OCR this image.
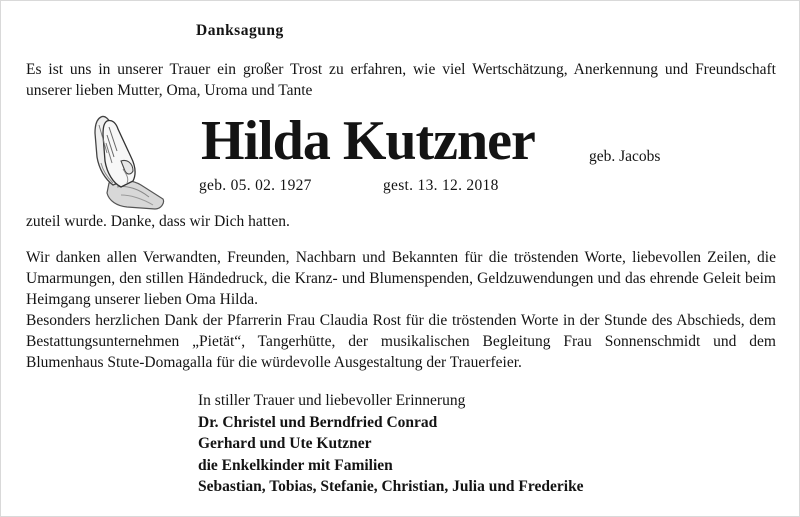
Danksagung
Es ist uns in unserer Trauer ein großer Trost zu erfahren, wie viel Wertschätzung, Anerkennung und Freundschaft unserer lieben Mutter, Oma, Uroma und Tante
Hilda Kutzner	geb. Jacobs
geb. 05. 02. 1927	gest. 13. 12. 2018
zuteil wurde. Danke, dass wir Dich hatten.

Wir danken allen Verwandten, Freunden, Nachbarn und Bekannten für die tröstenden Worte, liebevollen Zeilen, die Umarmungen, den stillen Händedruck, die Kranz- und Blumenspenden, Geldzuwendungen und das ehrende Geleit beim Heimgang unserer lieben Oma Hilda.

Besonders herzlichen Dank der Pfarrerin Frau Claudia Rost für die tröstenden Worte in der Stunde des Abschieds, dem Bestattungsunternehmen „Pietät“, Tangerhütte, der musikalischen Begleitung Frau Sonnenschmidt und dem Blumenhaus Stute-Domagalla für die würdevolle Ausgestaltung der Trauerfeier.

In stiller Trauer und liebevoller Erinnerung
Dr. Christel und Berndfried Conrad
Gerhard und Ute Kutzner
die Enkelkinder mit Familien
Sebastian, Tobias, Stefanie, Christian, Julia und Frederike
